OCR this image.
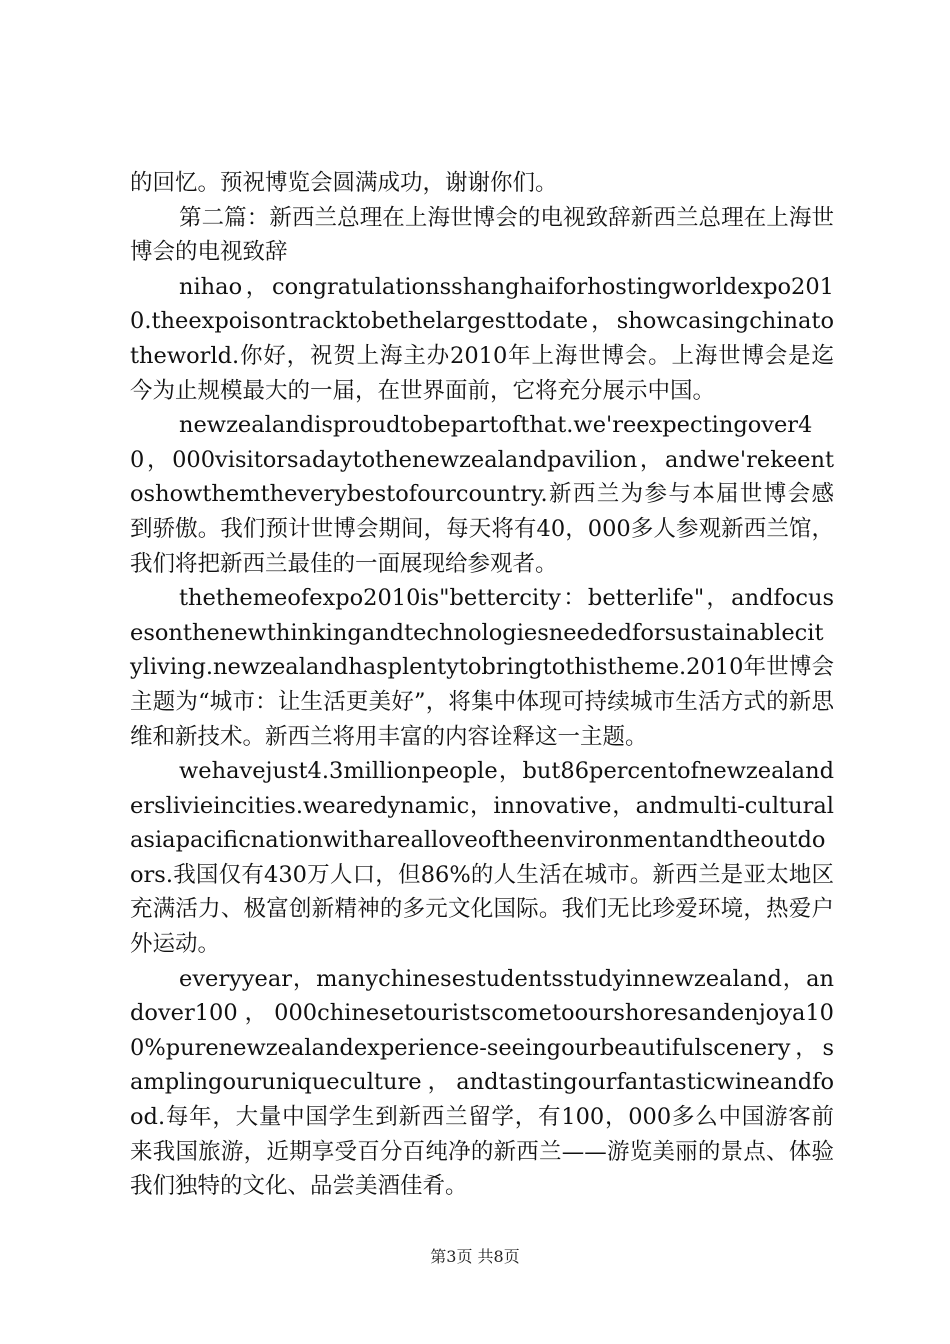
的回忆。预祝博览会圆满成功，谢谢你们。

第二篇：新西兰总理在上海世博会的电视致辞新西兰总理在上海世博会的电视致辞

nihao，congratulationsshanghaiforhostingworldexpo2010.theexpoisontracktobethelargesttodate，showcasingchinatotheworld.你好，祝贺上海主办2010年上海世博会。上海世博会是迄今为止规模最大的一届，在世界面前，它将充分展示中国。

newzealandisproudtobepartofthat.we'reexpectingover40，000visitorsadaytothenewzealandpavilion，andwe'rekeentoshowthemtheverybestofourcountry.新西兰为参与本届世博会感到骄傲。我们预计世博会期间，每天将有40，000多人参观新西兰馆，我们将把新西兰最佳的一面展现给参观者。

thethemeofexpo2010is"bettercity：betterlife"，andfocusesonthenewthinkingandtechnologiesneededforsustainablecityliving.newzealandhasplentytobringtothistheme.2010年世博会主题为“城市：让生活更美好”，将集中体现可持续城市生活方式的新思维和新技术。新西兰将用丰富的内容诠释这一主题。

wehavejust4.3millionpeople，but86percentofnewzealanderslivieincities.wearedynamic，innovative，andmulti-culturalasiapacificnationwitharealloveoftheenvironmentandtheoutdoors.我国仅有430万人口，但86%的人生活在城市。新西兰是亚太地区充满活力、极富创新精神的多元文化国际。我们无比珍爱环境，热爱户外运动。

everyyear，manychinesestudentsstudyinnewzealand，andover100，000chinesetouristscometoourshoresandenjoya100%purenewzealandexperience-seeingourbeautifulscenery，samplingouruniqueculture，andtastingourfantasticwineandfood.每年，大量中国学生到新西兰留学，有100，000多么中国游客前来我国旅游，近期享受百分百纯净的新西兰——游览美丽的景点、体验我们独特的文化、品尝美酒佳肴。

第3页 共8页
